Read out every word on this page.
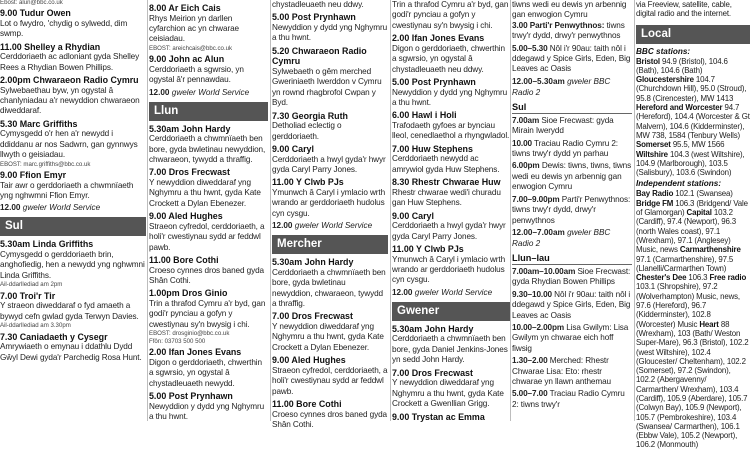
Ebost: alun@bbc.co.uk
9.00 Tudur Owen
Lot o fwydro, 'chydig o sylwedd, dim swmp.
11.00 Shelley a Rhydian
Cerddoriaeth ac adloniant gyda Shelley Rees a Rhydian Bowen Phillips.
2.00pm Chwaraeon Radio Cymru
Sylwebaethau byw, yn ogystal â chanlyniadau a'r newyddion chwaraeon diweddaraf.
5.30 Marc Griffiths
Cymysgedd o'r hen a'r newydd i ddiddanu ar nos Sadwrn, gan gynnwys llwyth o geisiadau.
EBOST: marc.griffiths@bbc.co.uk
9.00 Ffion Emyr
Tair awr o gerddoriaeth a chwmnïaeth yng nghwmni Ffion Emyr.
12.00 gweler World Service
Sul
5.30am Linda Griffiths
Cymysgedd o gerddoriaeth brin, anghofiedig, hen a newydd yng nghwmni Linda Griffiths.
Ail-ddarllediad am 2pm
7.00 Troi'r Tir
Y straeon diweddaraf o fyd amaeth a bywyd cefn gwlad gyda Terwyn Davies.
Ail-ddarllediad am 3.30pm
7.30 Caniadaeth y Cysegr
Amrywiaeth o emynau i ddathlu Dydd Gŵyl Dewi gyda'r Parchedig Rosa Hunt.
8.00 Ar Eich Cais
Rhys Meirion yn darllen cyfarchion ac yn chwarae ceisiadau.
EBOST: areichcais@bbc.co.uk
9.00 John ac Alun
Cerddoriaeth a sgwrsio, yn ogystal â'r pennawdau.
12.00 gweler World Service
Llun
5.30am John Hardy
Cerddoriaeth a chwmnïaeth ben bore, gyda bwletinau newyddion, chwaraeon, tywydd a thraffig.
7.00 Dros Frecwast
Y newyddion diweddaraf yng Nghymru a thu hwnt, gyda Kate Crockett a Dylan Ebenezer.
9.00 Aled Hughes
Straeon cyfredol, cerddoriaeth, a holi'r cwestiynau sydd ar feddwl pawb.
11.00 Bore Cothi
Croeso cynnes dros baned gyda Shân Cothi.
1.00pm Dros Ginio
Trin a thrafod Cymru a'r byd, gan godi'r pynciau a gofyn y cwestiynau sy'n bwysig i chi.
EBOST: drosginio@bbc.co.uk
Ffôn: 03703 500 500
2.00 Ifan Jones Evans
Digon o gerddoriaeth, chwerthin a sgwrsio, yn ogystal â chystadleuaeth newydd.
5.00 Post Prynhawn
Newyddion y dydd yng Nghymru a thu hwnt.
chystadleuaeth neu ddwy.
5.00 Post Prynhawn
Newyddion y dydd yng Nghymru a thu hwnt.
5.20 Chwaraeon Radio Cymru
Sylwebaeth o gêm merched Gweriniaeth Iwerddon v Cymru yn rownd rhagbrofol Cwpan y Byd.
7.30 Georgia Ruth
Detholiad eclectig o gerddoriaeth.
9.00 Caryl
Cerddoriaeth a hwyl gyda'r hwyr gyda Caryl Parry Jones.
11.00 Y Clwb PJs
Ymunwch â Caryl i ymlacio wrth wrando ar gerddoriaeth hudolus cyn cysgu.
12.00 gweler World Service
Mercher
5.30am John Hardy
Cerddoriaeth a chwmnïaeth ben bore, gyda bwletinau newyddion, chwaraeon, tywydd a thraffig.
7.00 Dros Frecwast
Y newyddion diweddaraf yng Nghymru a thu hwnt, gyda Kate Crockett a Dylan Ebenezer.
9.00 Aled Hughes
Straeon cyfredol, cerddoriaeth, a holi'r cwestiynau sydd ar feddwl pawb.
11.00 Bore Cothi
Croeso cynnes dros baned gyda Shân Cothi.
Trin a thrafod Cymru a'r byd, gan godi'r pynciau a gofyn y cwestiynau sy'n bwysig i chi.
2.00 Ifan Jones Evans
Digon o gerddoriaeth, chwerthin a sgwrsio, yn ogystal â chystadleuaeth neu ddwy.
5.00 Post Prynhawn
Newyddion y dydd yng Nghymru a thu hwnt.
6.00 Hawl i Holi
Trafodaeth gyfoes ar bynciau lleol, cenedlaethol a rhyngwladol.
7.00 Huw Stephens
Cerddoriaeth newydd ac amrywiol gyda Huw Stephens.
8.30 Rhestr Chwarae Huw
Rhestr chwarae wedi'i churadu gan Huw Stephens.
9.00 Caryl
Cerddoriaeth a hwyl gyda'r hwyr gyda Caryl Parry Jones.
11.00 Y Clwb PJs
Ymunwch â Caryl i ymlacio wrth wrando ar gerddoriaeth hudolus cyn cysgu.
12.00 gweler World Service
Gwener
5.30am John Hardy
Cerddoriaeth a chwmnïaeth ben bore, gyda Daniel Jenkins-Jones yn sedd John Hardy.
7.00 Dros Frecwast
Y newyddion diweddaraf yng Nghymru a thu hwnt, gyda Kate Crockett a Gwenllian Grigg.
9.00 Trystan ac Emma
tiwns wedi eu dewis yn arbennig gan enwogion Cymru
3.00 Parti'r Penwythnos: tiwns trwy'r dydd, drwy'r penwythnos
5.00–5.30 Nôl i'r 90au: taith nôl i ddegawd y Spice Girls, Eden, Big Leaves ac Oasis
12.00–5.30am gweler BBC Radio 2
Sul
7.00am Sioe Frecwast: gyda Mirain Iwerydd
10.00 Traciau Radio Cymru 2: tiwns trwy'r dydd yn parhau
6.00pm Dewis: tiwns, tiwns, tiwns wedi eu dewis yn arbennig gan enwogion Cymru
7.00–9.00pm Parti'r Penwythnos: tiwns trwy'r dydd, drwy'r penwythnos
12.00–7.00am gweler BBC Radio 2
Llun–Iau
7.00am–10.00am Sioe Frecwast: gyda Rhydian Bowen Phillips
9.30–10.00 Nôl i'r 90au: taith nôl i ddegawd y Spice Girls, Eden, Big Leaves ac Oasis
10.00–2.00pm Lisa Gwilym: Lisa Gwilym yn chwarae eich hoff fiwsig
1.30–2.00 Merched: Rhestr Chwarae Lisa: Eto: rhestr chwarae yn llawn anthemau
5.00–7.00 Traciau Radio Cymru 2: tiwns trwy'r
via Freeview, satellite, cable,
digital radio and the internet.
Local
BBC stations:
Bristol 94.9 (Bristol), 104.6 (Bath), 104.6 (Bath) Gloucestershire 104.7 (Churchdown Hill), 95.0 (Stroud), 95.8 (Cirencester), MW 1413 Hereford and Worcester 94.7 (Hereford), 104.4 (Worcester & Gt Malvern), 104.6 (Kidderminster), MW 738, 1584 (Tenbury Wells) Somerset 95.5, MW 1566 Wiltshire 104.3 (west Wiltshire), 104.9 (Marlborough), 103.5 (Salisbury), 103.6 (Swindon)
Independent stations:
Bay Radio 102.1 (Swansea) Bridge FM 106.3 (Bridgend/ Vale of Glamorgan) Capital 103.2 (Cardiff), 97.4 (Newport), 96.3 (north Wales coast), 97.1 (Wrexham), 97.1 (Anglesey) Music, news Carmarthenshire 97.1 (Carmarthenshire), 97.5 (Llanelli/Carmarthen Town) Chester's Dee 106.3 Free radio 103.1 (Shropshire), 97.2 (Wolverhampton) Music, news, 97.6 (Hereford), 96.7 (Kidderminster), 102.8 (Worcester) Music Heart 88 (Wrexham), 103 (Bath/ Weston Super-Mare), 96.3 (Bristol), 102.2 (west Wiltshire), 102.4 (Gloucester/ Cheltenham), 102.2 (Somerset), 97.2 (Swindon), 102.2 (Abergavenny/ Carmarthen/ Wrexham), 103.4 (Cardiff), 105.9 (Aberdare), 105.7 (Colwyn Bay), 105.9 (Newport), 105.7 (Pembrokeshire), 103.4 (Swansea/ Carmarthen), 106.1 (Ebbw Vale), 105.2 (Newport), 106.2 (Monmouth)
